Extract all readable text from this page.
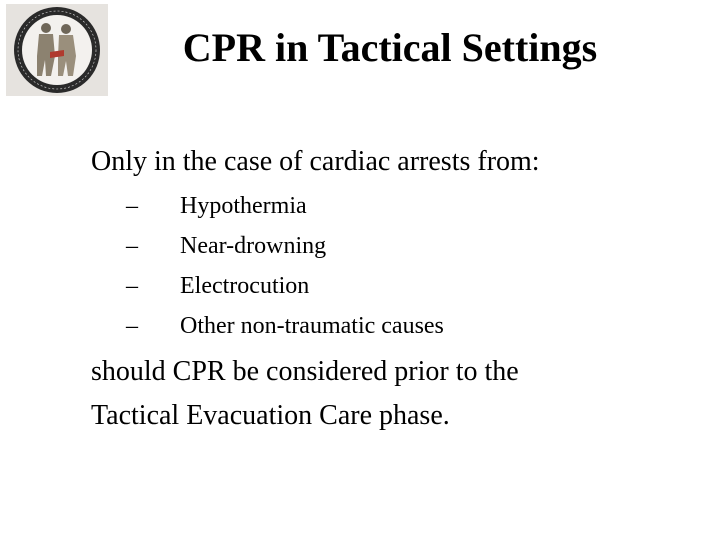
CPR in Tactical Settings
Only in the case of cardiac arrests from:
– Hypothermia
– Near-drowning
– Electrocution
– Other non-traumatic causes
should CPR be considered prior to the
Tactical Evacuation Care phase.
